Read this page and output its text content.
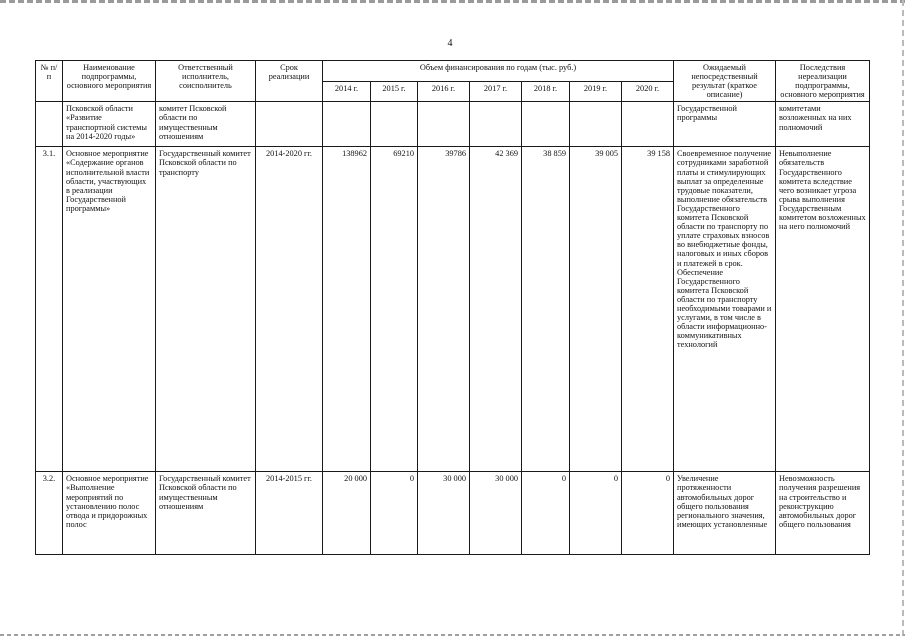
4
№ п/п	Наименование подпрограммы, основного мероприятия	Ответственный исполнитель, соисполнитель	Срок реализации	Объем финансирования по годам (тыс. руб.)							Ожидаемый непосредственный результат (краткое описание)	Последствия нереализации подпрограммы, основного мероприятия
				2014 г.	2015 г.	2016 г.	2017 г.	2018 г.	2019 г.	2020 г.		
	Псковской области «Развитие транспортной системы на 2014-2020 годы»	комитет Псковской области по имущественным отношениям									Государственной программы	комитетами возложенных на них полномочий
3.1.	Основное мероприятие «Содержание органов исполнительной власти области, участвующих в реализации Государственной программы»	Государственный комитет Псковской области по транспорту	2014-2020 гг.	138962	69210	39786	42 369	38 859	39 005	39 158	Своевременное получение сотрудниками заработной платы и стимулирующих выплат за определенные трудовые показатели, выполнение обязательств Государственного комитета Псковской области по транспорту по уплате страховых взносов во внебюджетные фонды, налоговых и иных сборов и платежей в срок. Обеспечение Государственного комитета Псковской области по транспорту необходимыми товарами и услугами, в том числе в области информационно-коммуникативных технологий	Невыполнение обязательств Государственного комитета вследствие чего возникает угроза срыва выполнения Государственным комитетом возложенных на него полномочий
3.2.	Основное мероприятие «Выполнение мероприятий по установлению полос отвода и придорожных полос	Государственный комитет Псковской области по имущественным отношениям	2014-2015 гг.	20 000	0	30 000	30 000	0	0	0	Увеличение протяженности автомобильных дорог общего пользования регионального значения, имеющих установленные	Невозможность получения разрешения на строительство и реконструкцию автомобильных дорог общего пользования
